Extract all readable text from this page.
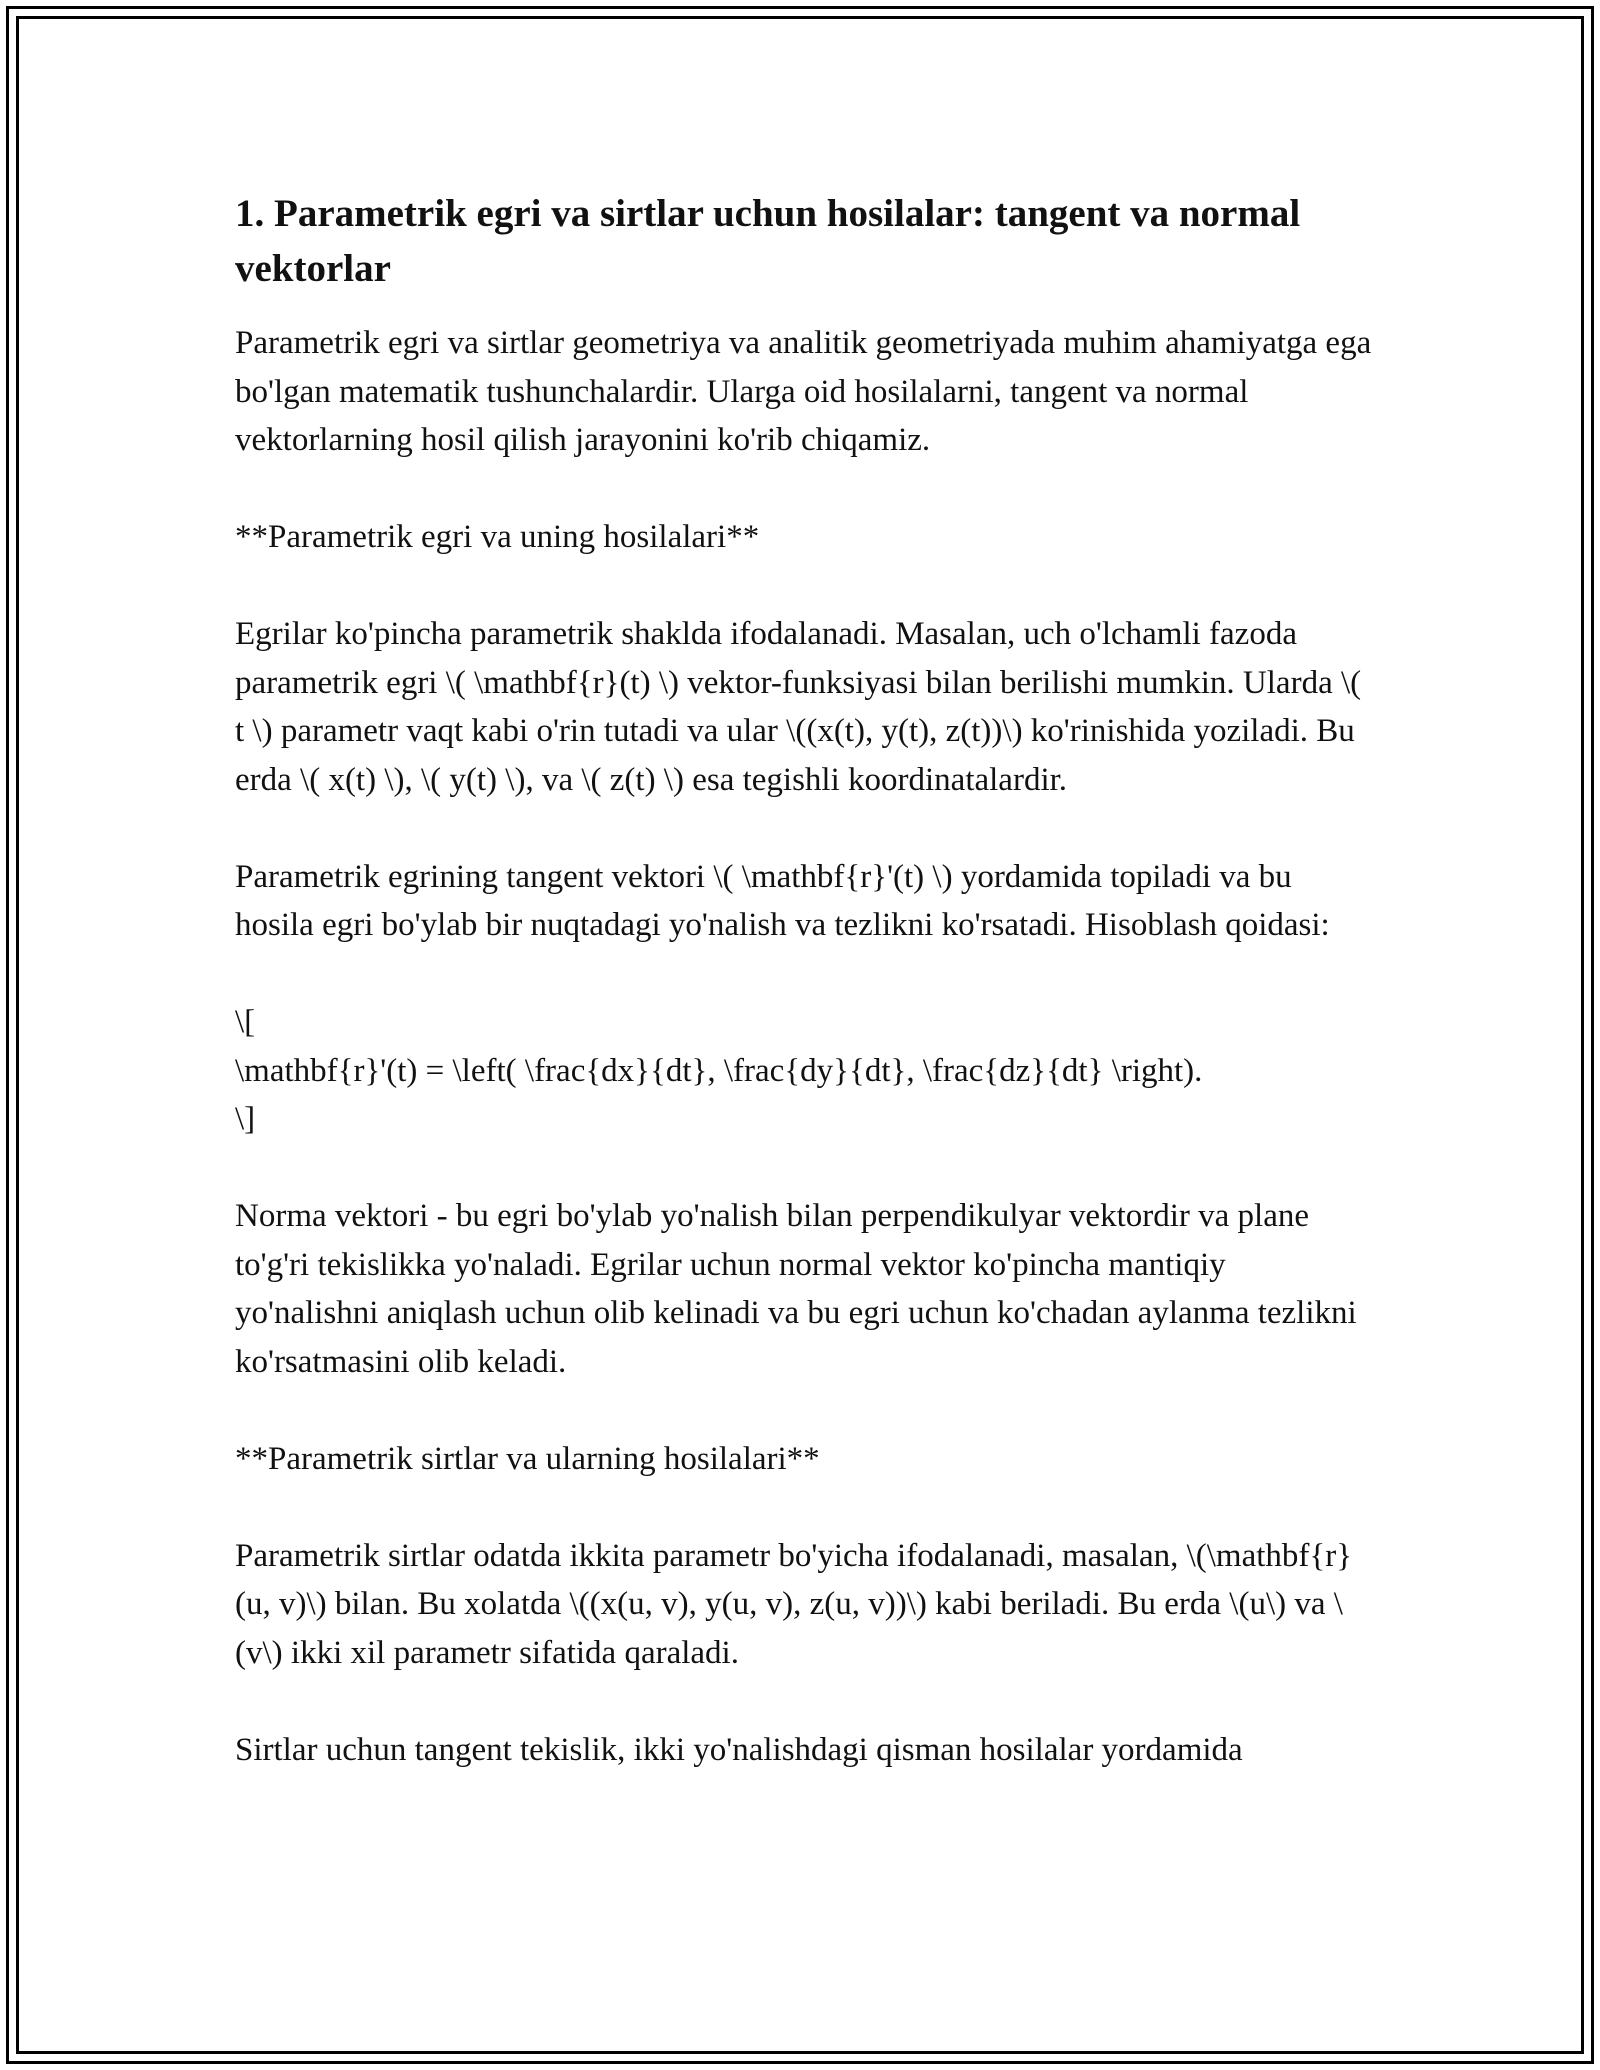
1. Parametrik egri va sirtlar uchun hosilalar: tangent va normal vektorlar

Parametrik egri va sirtlar geometriya va analitik geometriyada muhim ahamiyatga ega bo'lgan matematik tushunchalardir. Ularga oid hosilalarni, tangent va normal vektorlarning hosil qilish jarayonini ko'rib chiqamiz.

**Parametrik egri va uning hosilalari**

Egrilar ko'pincha parametrik shaklda ifodalanadi. Masalan, uch o'lchamli fazoda parametrik egri \( \mathbf{r}(t) \) vektor-funksiyasi bilan berilishi mumkin. Ularda \( t \) parametr vaqt kabi o'rin tutadi va ular \((x(t), y(t), z(t))\) ko'rinishida yoziladi. Bu erda \( x(t) \), \( y(t) \), va \( z(t) \) esa tegishli koordinatalardir.

Parametrik egrining tangent vektori \( \mathbf{r}'(t) \) yordamida topiladi va bu hosila egri bo'ylab bir nuqtadagi yo'nalish va tezlikni ko'rsatadi. Hisoblash qoidasi:

\[
\mathbf{r}'(t) = \left( \frac{dx}{dt}, \frac{dy}{dt}, \frac{dz}{dt} \right).
\]

Norma vektori - bu egri bo'ylab yo'nalish bilan perpendikulyar vektordir va plane to'g'ri tekislikka yo'naladi. Egrilar uchun normal vektor ko'pincha mantiqiy yo'nalishni aniqlash uchun olib kelinadi va bu egri uchun ko'chadan aylanma tezlikni ko'rsatmasini olib keladi.

**Parametrik sirtlar va ularning hosilalari**

Parametrik sirtlar odatda ikkita parametr bo'yicha ifodalanadi, masalan, \(\mathbf{r}(u, v)\) bilan. Bu xolatda \((x(u, v), y(u, v), z(u, v))\) kabi beriladi. Bu erda \(u\) va \(v\) ikki xil parametr sifatida qaraladi.

Sirtlar uchun tangent tekislik, ikki yo'nalishdagi qisman hosilalar yordamida
